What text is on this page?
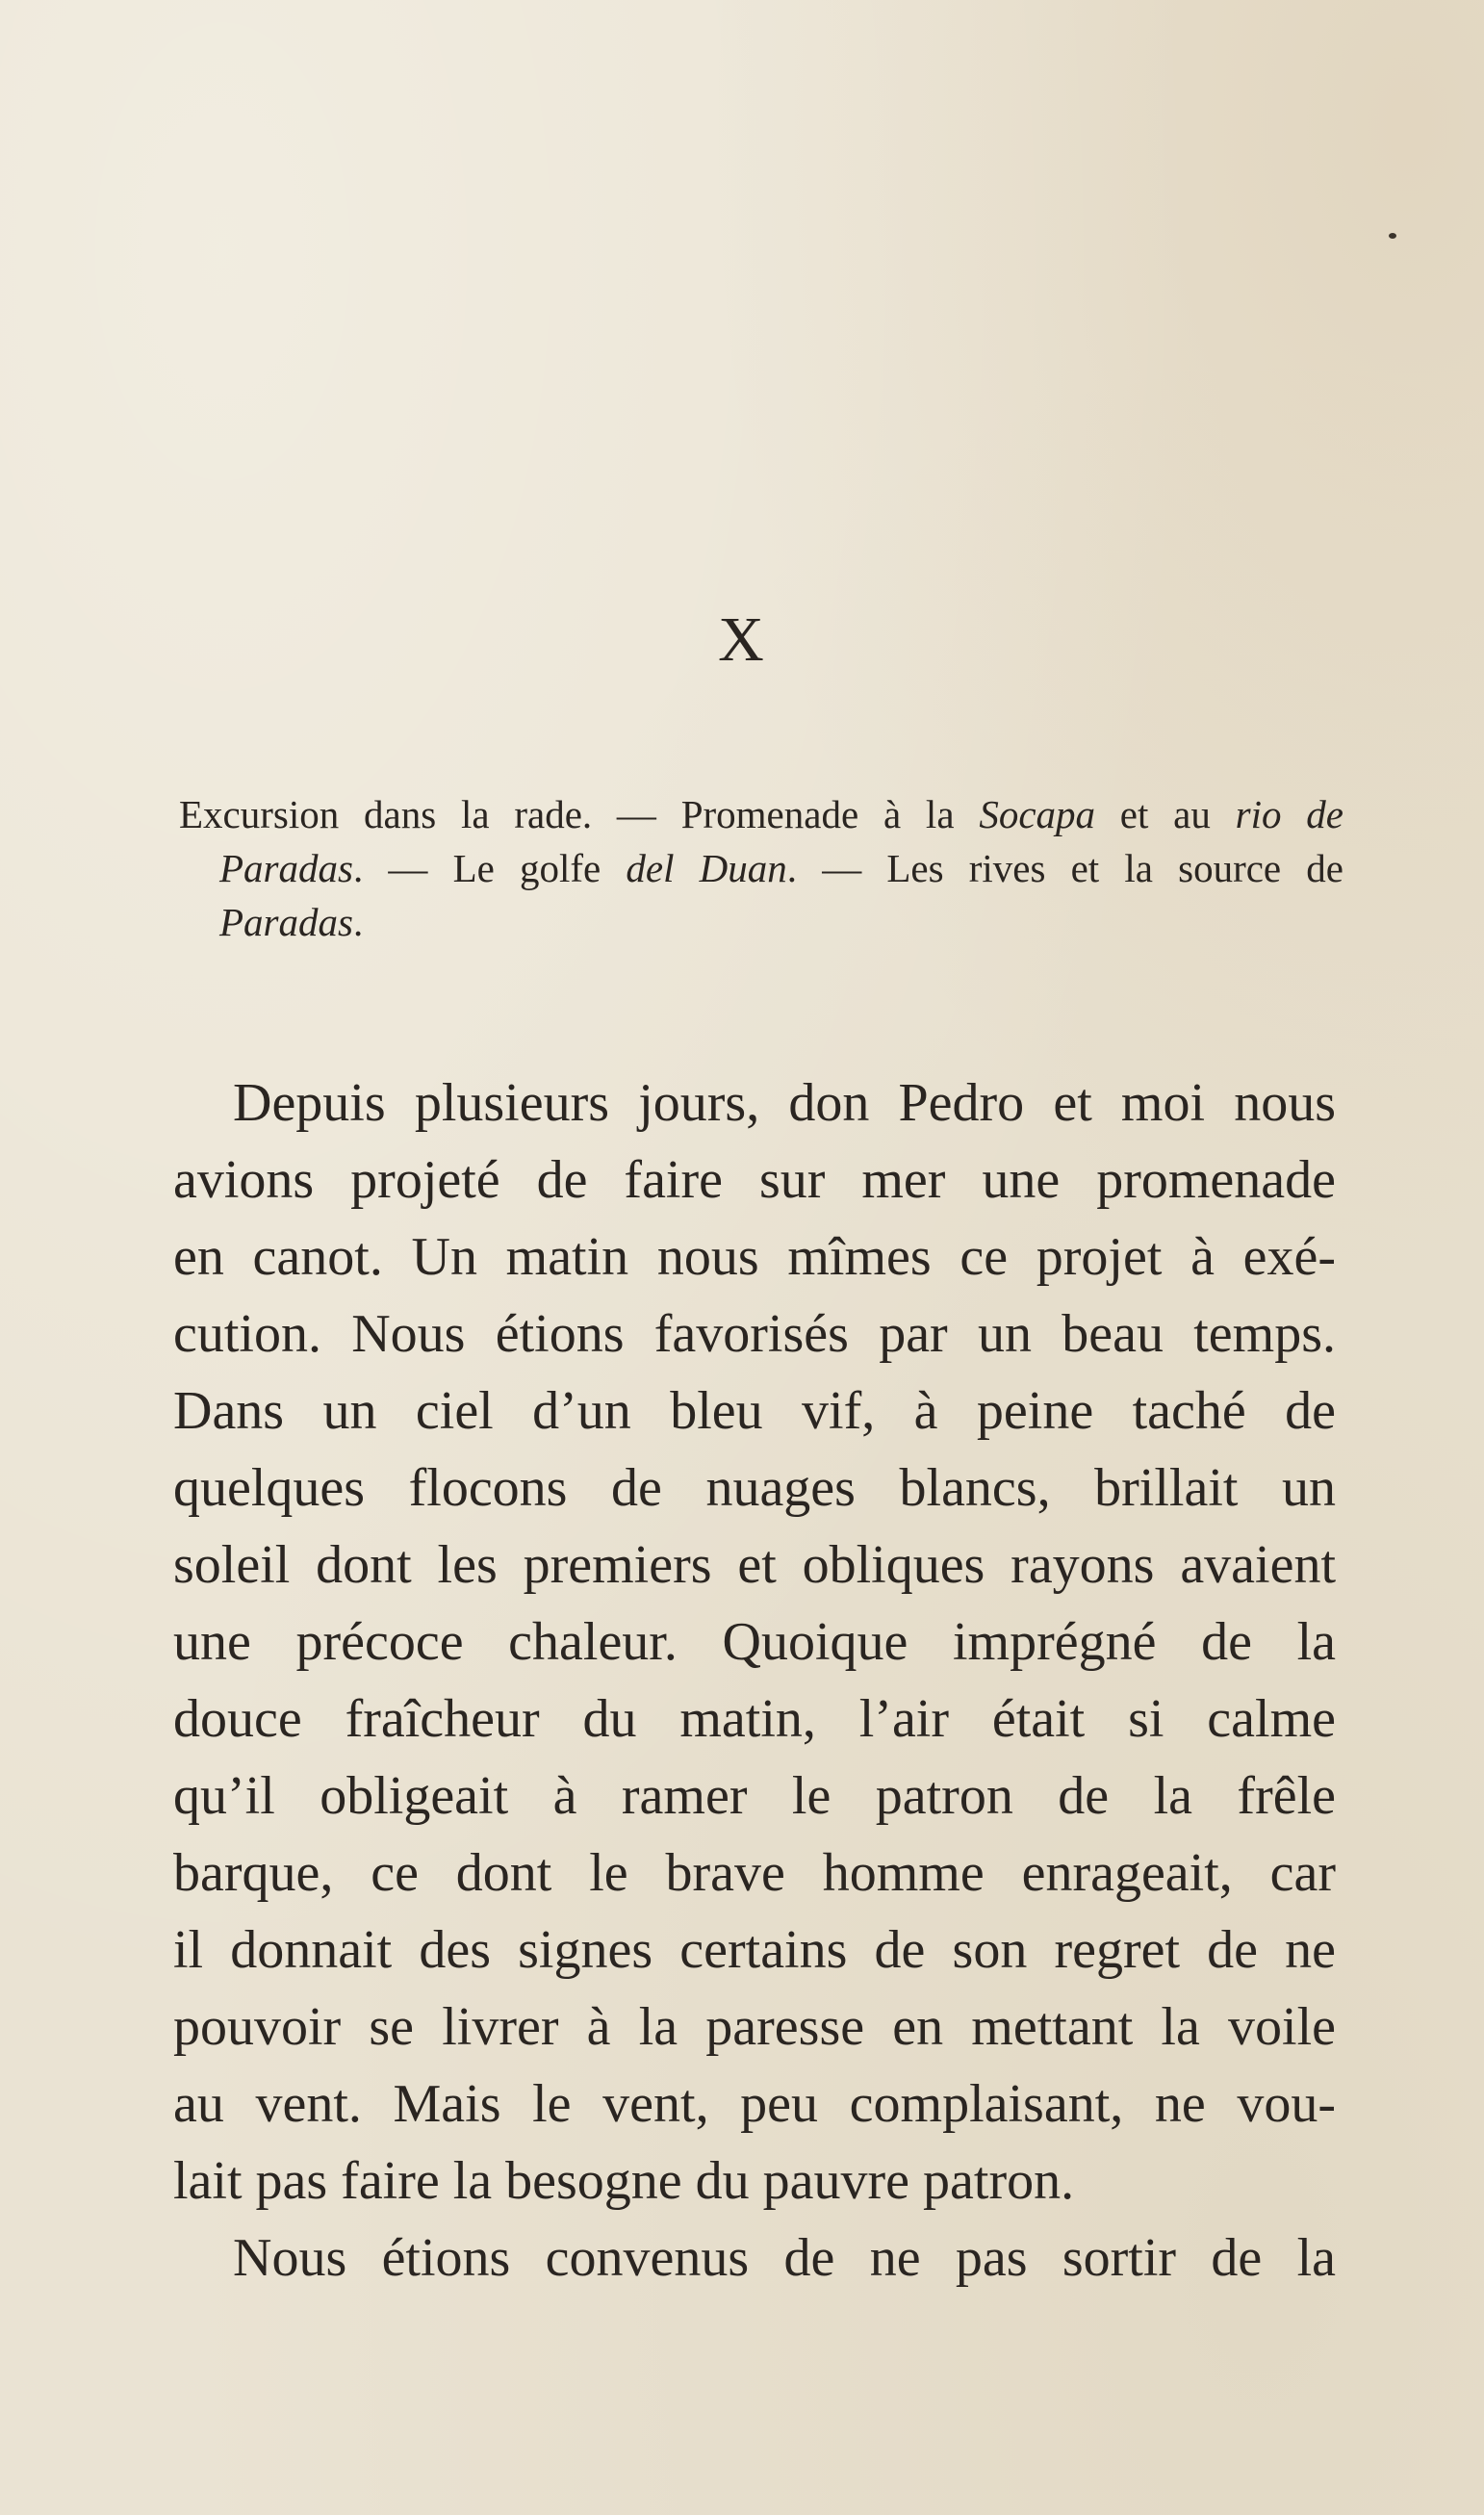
X
Excursion dans la rade. — Promenade à la Socapa et au rio de
Paradas. — Le golfe del Duan. — Les rives et la source de
Paradas.
Depuis plusieurs jours, don Pedro et moi nous
avions projeté de faire sur mer une promenade
en canot. Un matin nous mîmes ce projet à exé-
cution. Nous étions favorisés par un beau temps.
Dans un ciel d’un bleu vif, à peine taché de
quelques flocons de nuages blancs, brillait un
soleil dont les premiers et obliques rayons avaient
une précoce chaleur. Quoique imprégné de la
douce fraîcheur du matin, l’air était si calme
qu’il obligeait à ramer le patron de la frêle
barque, ce dont le brave homme enrageait, car
il donnait des signes certains de son regret de ne
pouvoir se livrer à la paresse en mettant la voile
au vent. Mais le vent, peu complaisant, ne vou-
lait pas faire la besogne du pauvre patron.
Nous étions convenus de ne pas sortir de la
